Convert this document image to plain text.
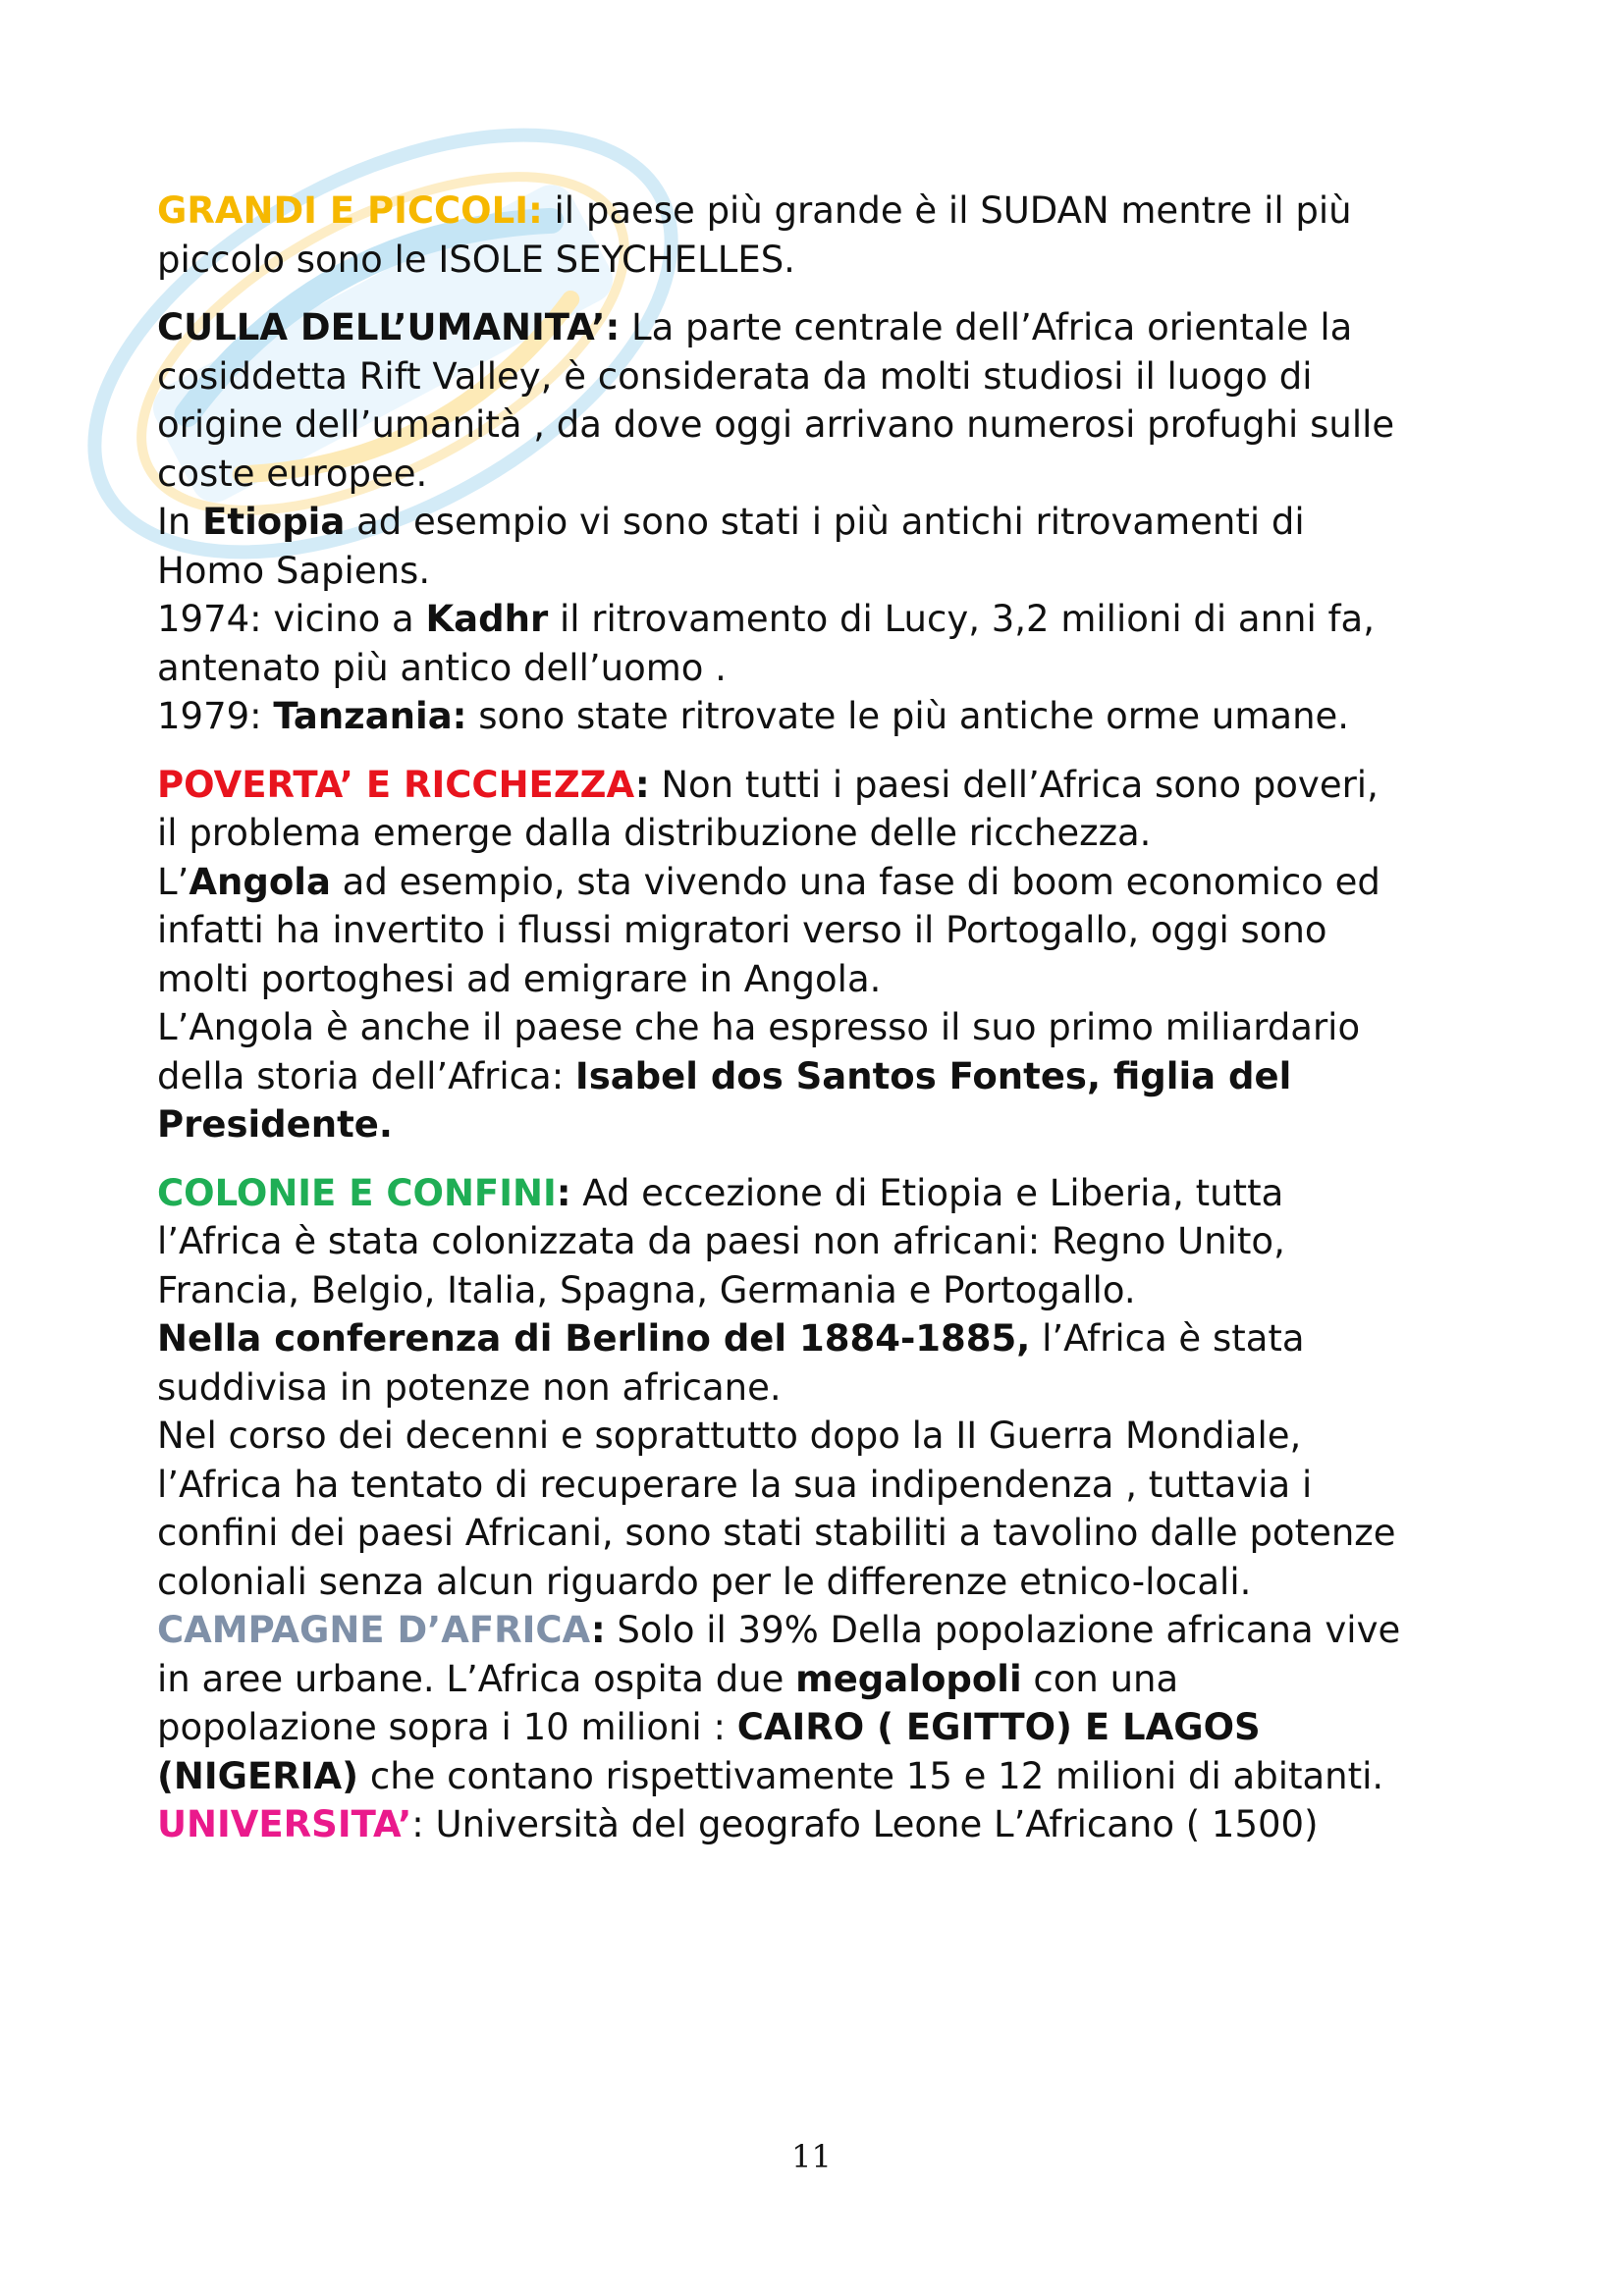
GRANDI E PICCOLI: il paese più grande è il SUDAN mentre il più
piccolo sono le ISOLE SEYCHELLES.
CULLA DELL’UMANITA’: La parte centrale dell’Africa orientale la
cosiddetta Rift Valley, è considerata da molti studiosi il luogo di
origine dell’umanità , da dove oggi arrivano numerosi profughi sulle
coste europee.
In Etiopia ad esempio vi sono stati i più antichi ritrovamenti di
Homo Sapiens.
1974: vicino a Kadhr il ritrovamento di Lucy, 3,2 milioni di anni fa,
antenato più antico dell’uomo .
1979: Tanzania: sono state ritrovate le più antiche orme umane.
POVERTA’ E RICCHEZZA: Non tutti i paesi dell’Africa sono poveri,
il problema emerge dalla distribuzione delle ricchezza.
L’Angola ad esempio, sta vivendo una fase di boom economico ed
infatti ha invertito i flussi migratori verso il Portogallo, oggi sono
molti portoghesi ad emigrare in Angola.
L’Angola è anche il paese che ha espresso il suo primo miliardario
della storia dell’Africa: Isabel dos Santos Fontes, figlia del
Presidente.
COLONIE E CONFINI: Ad eccezione di Etiopia e Liberia, tutta
l’Africa è stata colonizzata da paesi non africani: Regno Unito,
Francia, Belgio, Italia, Spagna, Germania e Portogallo.
Nella conferenza di Berlino del 1884-1885, l’Africa è stata
suddivisa in potenze non africane.
Nel corso dei decenni e soprattutto dopo la II Guerra Mondiale,
l’Africa ha tentato di recuperare la sua indipendenza , tuttavia i
confini dei paesi Africani, sono stati stabiliti a tavolino dalle potenze
coloniali senza alcun riguardo per le differenze etnico-locali.
CAMPAGNE D’AFRICA: Solo il 39% Della popolazione africana vive
in aree urbane. L’Africa ospita due megalopoli con una
popolazione sopra i 10 milioni : CAIRO ( EGITTO) E LAGOS
(NIGERIA) che contano rispettivamente 15 e 12 milioni di abitanti.
UNIVERSITA’: Università del geografo Leone L’Africano ( 1500)
11
